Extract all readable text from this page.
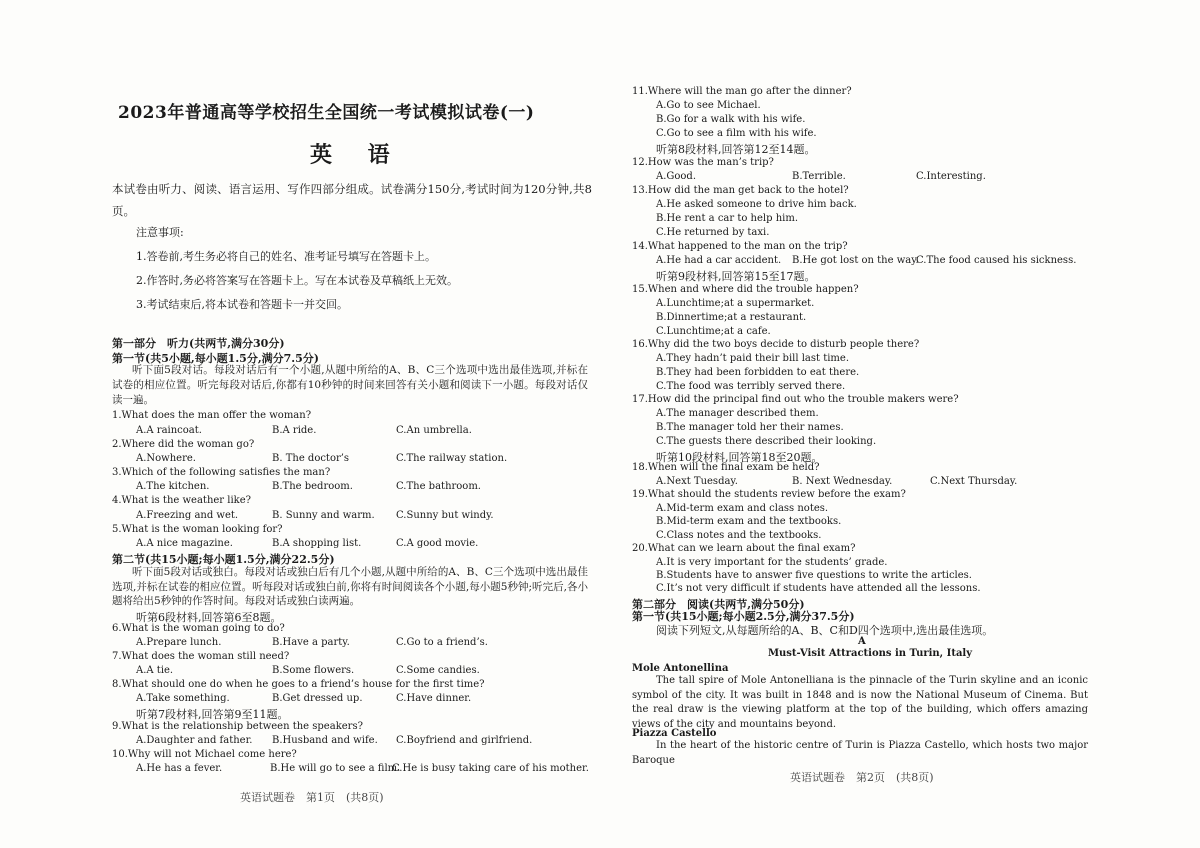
2023年普通高等学校招生全国统一考试模拟试卷(一)
英 语
本试卷由听力、阅读、语言运用、写作四部分组成。试卷满分150分,考试时间为120分钟,共8页。
注意事项:
1.答卷前,考生务必将自己的姓名、准考证号填写在答题卡上。
2.作答时,务必将答案写在答题卡上。写在本试卷及草稿纸上无效。
3.考试结束后,将本试卷和答题卡一并交回。
第一部分　听力(共两节,满分30分)
第一节(共5小题,每小题1.5分,满分7.5分)
听下面5段对话。每段对话后有一个小题,从题中所给的A、B、C三个选项中选出最佳选项,并标在试卷的相应位置。听完每段对话后,你都有10秒钟的时间来回答有关小题和阅读下一小题。每段对话仅读一遍。
1.What does the man offer the woman?
A.A raincoat.	B.A ride.	C.An umbrella.
2.Where did the woman go?
A.Nowhere.	B. The doctor’s	C.The railway station.
3.Which of the following satisfies the man?
A.The kitchen.	B.The bedroom.	C.The bathroom.
4.What is the weather like?
A.Freezing and wet.	B. Sunny and warm. C.Sunny but windy.
5.What is the woman looking for?
A.A nice magazine.	B.A shopping list.	C.A good movie.
第二节(共15小题;每小题1.5分,满分22.5分)
听下面5段对话或独白。每段对话或独白后有几个小题,从题中所给的A、B、C三个选项中选出最佳选项,并标在试卷的相应位置。听每段对话或独白前,你将有时间阅读各个小题,每小题5秒钟;听完后,各小题将给出5秒钟的作答时间。每段对话或独白读两遍。
听第6段材料,回答第6至8题。
6.What is the woman going to do?
A.Prepare lunch.	B.Have a party.	C.Go to a friend’s.
7.What does the woman still need?
A.A tie.	B.Some flowers.	C.Some candies.
8.What should one do when he goes to a friend’s house for the first time?
A.Take something.	B.Get dressed up.	C.Have dinner.
听第7段材料,回答第9至11题。
9.What is the relationship between the speakers?
A.Daughter and father. B.Husband and wife. C.Boyfriend and girlfriend.
10.Why will not Michael come here?
A.He has a fever.	B.He will go to see a film.
C.He is busy taking care of his mother.
英语试题卷　第1页　(共8页)
11.Where will the man go after the dinner?
A.Go to see Michael.
B.Go for a walk with his wife.
C.Go to see a film with his wife.
听第8段材料,回答第12至14题。
12.How was the man’s trip?
A.Good.	B.Terrible.	C.Interesting.
13.How did the man get back to the hotel?
A.He asked someone to drive him back.
B.He rent a car to help him.
C.He returned by taxi.
14.What happened to the man on the trip?
A.He had a car accident. B.He got lost on the way.
C.The food caused his sickness.
听第9段材料,回答第15至17题。
15.When and where did the trouble happen?
A.Lunchtime;at a supermarket.
B.Dinnertime;at a restaurant.
C.Lunchtime;at a cafe.
16.Why did the two boys decide to disturb people there?
A.They hadn’t paid their bill last time.
B.They had been forbidden to eat there.
C.The food was terribly served there.
17.How did the principal find out who the trouble makers were?
A.The manager described them.
B.The manager told her their names.
C.The guests there described their looking.
听第10段材料,回答第18至20题。
18.When will the final exam be held?
A.Next Tuesday.	B. Next Wednesday.	C.Next Thursday.
19.What should the students review before the exam?
A.Mid-term exam and class notes.
B.Mid-term exam and the textbooks.
C.Class notes and the textbooks.
20.What can we learn about the final exam?
A.It is very important for the students’ grade.
B.Students have to answer five questions to write the articles.
C.It’s not very difficult if students have attended all the lessons.
第二部分　阅读(共两节,满分50分)
第一节(共15小题;每小题2.5分,满分37.5分)
阅读下列短文,从每题所给的A、B、C和D四个选项中,选出最佳选项。
A
Must-Visit Attractions in Turin, Italy
Mole Antonellina
The tall spire of Mole Antonelliana is the pinnacle of the Turin skyline and an iconic symbol of the city. It was built in 1848 and is now the National Museum of Cinema. But the real draw is the viewing platform at the top of the building, which offers amazing views of the city and mountains beyond.
Piazza Castello
In the heart of the historic centre of Turin is Piazza Castello, which hosts two major Baroque
英语试题卷　第2页　(共8页)
